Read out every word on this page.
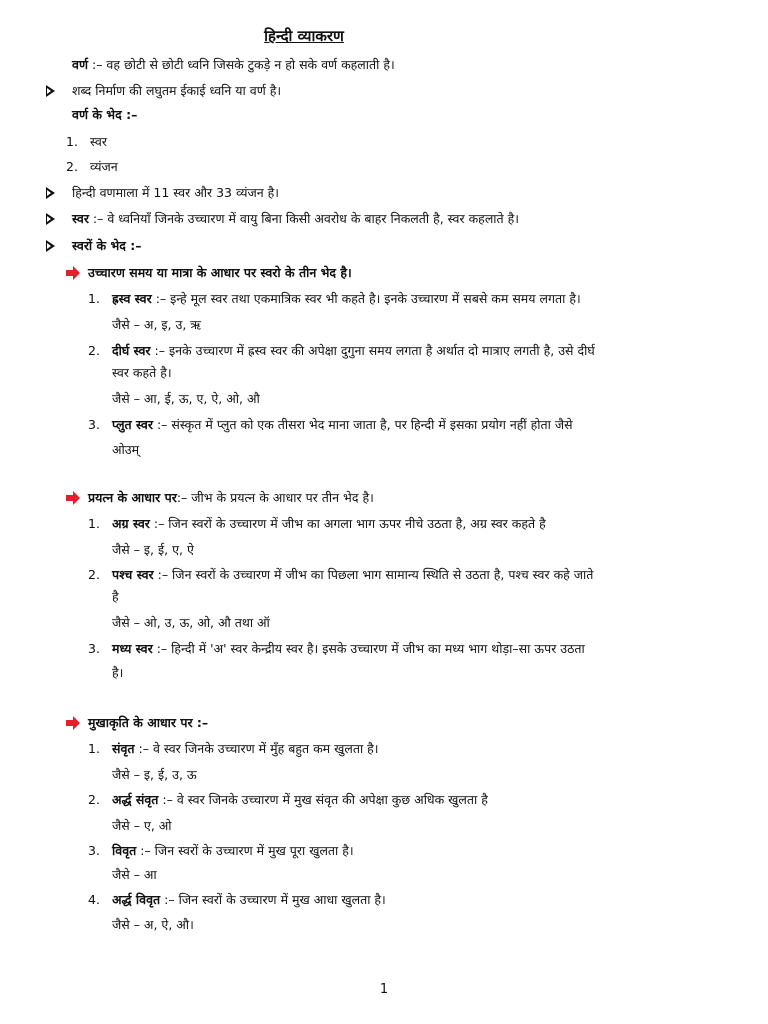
हिन्दी व्याकरण
वर्ण :– वह छोटी से छोटी ध्वनि जिसके टुकड़े न हो सके वर्ण कहलाती है।
शब्द निर्माण की लघुतम ईकाई ध्वनि या वर्ण है।
वर्ण के भेद :–
1. स्वर
2. व्यंजन
हिन्दी वणमाला में 11 स्वर और 33 व्यंजन है।
स्वर :– वे ध्वनियाँ जिनके उच्चारण में वायु बिना किसी अवरोध के बाहर निकलती है, स्वर कहलाते है।
स्वरों के भेद :–
उच्चारण समय या मात्रा के आधार पर स्वरो के तीन भेद है।
1. ह्रस्व स्वर :– इन्हे मूल स्वर तथा एकमात्रिक स्वर भी कहते है। इनके उच्चारण में सबसे कम समय लगता है।
जैसे – अ, इ, उ, ऋ
2. दीर्घ स्वर :– इनके उच्चारण में ह्रस्व स्वर की अपेक्षा दुगुना समय लगता है अर्थात दो मात्राए लगती है, उसे दीर्घ
स्वर कहते है।
जैसे – आ, ई, ऊ, ए, ऐ, ओ, औ
3. प्लुत स्वर :– संस्कृत में प्लुत को एक तीसरा भेद माना जाता है, पर हिन्दी में इसका प्रयोग नहीं होता जैसे
ओउम्
प्रयत्न के आधार पर:– जीभ के प्रयत्न के आधार पर तीन भेद है।
1. अग्र स्वर :– जिन स्वरों के उच्चारण में जीभ का अगला भाग ऊपर नीचे उठता है, अग्र स्वर कहते है
जैसे – इ, ई, ए, ऐ
2. पश्च स्वर :– जिन स्वरों के उच्चारण में जीभ का पिछला भाग सामान्य स्थिति से उठता है, पश्च स्वर कहे जाते
है
जैसे – ओ, उ, ऊ, ओ, औ तथा ऑ
3. मध्य स्वर :– हिन्दी में 'अ' स्वर केन्द्रीय स्वर है। इसके उच्चारण में जीभ का मध्य भाग थोड़ा–सा ऊपर उठता
है।
मुखाकृति के आधार पर :–
1. संवृत :– वे स्वर जिनके उच्चारण में मुँह बहुत कम खुलता है।
जैसे – इ, ई, उ, ऊ
2. अर्द्ध संवृत :– वे स्वर जिनके उच्चारण में मुख संवृत की अपेक्षा कुछ अधिक खुलता है
जैसे – ए, ओ
3. विवृत :– जिन स्वरों के उच्चारण में मुख पूरा खुलता है।
जैसे – आ
4. अर्द्ध विवृत :– जिन स्वरों के उच्चारण में मुख आधा खुलता है।
जैसे – अ, ऐ, औ।
1
